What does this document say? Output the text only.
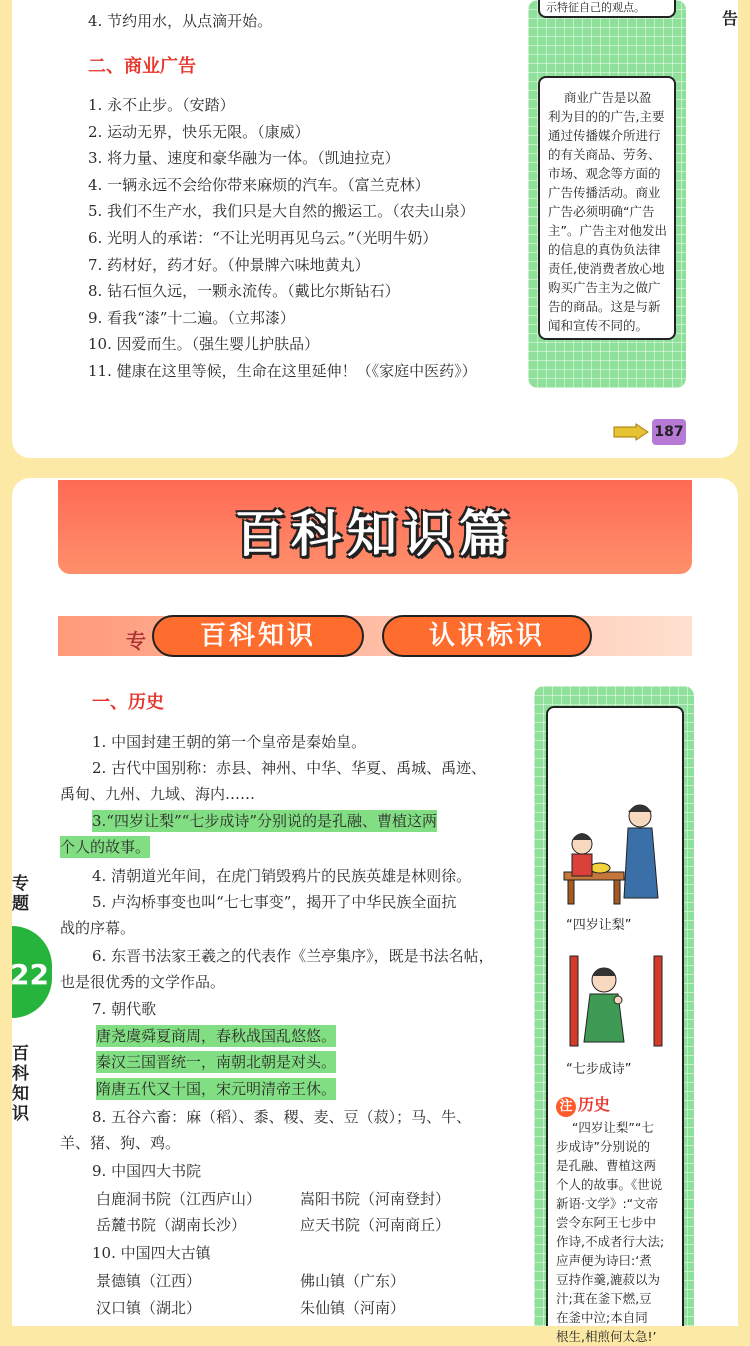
4. 节约用水，从点滴开始。
二、商业广告
1. 永不止步。（安踏）
2. 运动无界，快乐无限。（康威）
3. 将力量、速度和豪华融为一体。（凯迪拉克）
4. 一辆永远不会给你带来麻烦的汽车。（富兰克林）
5. 我们不生产水，我们只是大自然的搬运工。（农夫山泉）
6. 光明人的承诺：“不让光明再见乌云。”（光明牛奶）
7. 药材好，药才好。（仲景牌六味地黄丸）
8. 钻石恒久远，一颗永流传。（戴比尔斯钻石）
9. 看我“漆”十二遍。（立邦漆）
10. 因爱而生。（强生婴儿护肤品）
11. 健康在这里等候，生命在这里延伸！（《家庭中医药》）
示特征自己的观点。
商业广告是以盈
利为目的的广告,主要
通过传播媒介所进行
的有关商品、劳务、
市场、观念等方面的
广告传播活动。商业
广告必须明确“广告
主”。广告主对他发出
的信息的真伪负法律
责任,使消费者放心地
购买广告主为之做广
告的商品。这是与新
闻和宣传不同的。
告
187
百科知识篇
专	百科知识	认识标识
一、历史
1. 中国封建王朝的第一个皇帝是秦始皇。
2. 古代中国别称：赤县、神州、中华、华夏、禹城、禹迹、
禹甸、九州、九域、海内……
3.“四岁让梨”“七步成诗”分别说的是孔融、曹植这两
个人的故事。
4. 清朝道光年间，在虎门销毁鸦片的民族英雄是林则徐。
5. 卢沟桥事变也叫“七七事变”，揭开了中华民族全面抗
战的序幕。
6. 东晋书法家王羲之的代表作《兰亭集序》，既是书法名帖，
也是很优秀的文学作品。
7. 朝代歌
唐尧虞舜夏商周，春秋战国乱悠悠。
秦汉三国晋统一，南朝北朝是对头。
隋唐五代又十国，宋元明清帝王休。
8. 五谷六畜：麻（稻）、黍、稷、麦、豆（菽）；马、牛、
羊、猪、狗、鸡。
9. 中国四大书院
白鹿洞书院（江西庐山）	嵩阳书院（河南登封）
岳麓书院（湖南长沙）	应天书院（河南商丘）
10. 中国四大古镇
景德镇（江西）	佛山镇（广东）
汉口镇（湖北）	朱仙镇（河南）
专
题
22
百
科
知
识
“四岁让梨”
“七步成诗”
注 历史
“四岁让梨”“七
步成诗”分别说的
是孔融、曹植这两
个人的故事。《世说
新语·文学》:“文帝
尝令东阿王七步中
作诗,不成者行大法;
应声便为诗曰:‘煮
豆持作羹,漉菽以为
汁;萁在釜下燃,豆
在釜中泣;本自同
根生,相煎何太急!’
